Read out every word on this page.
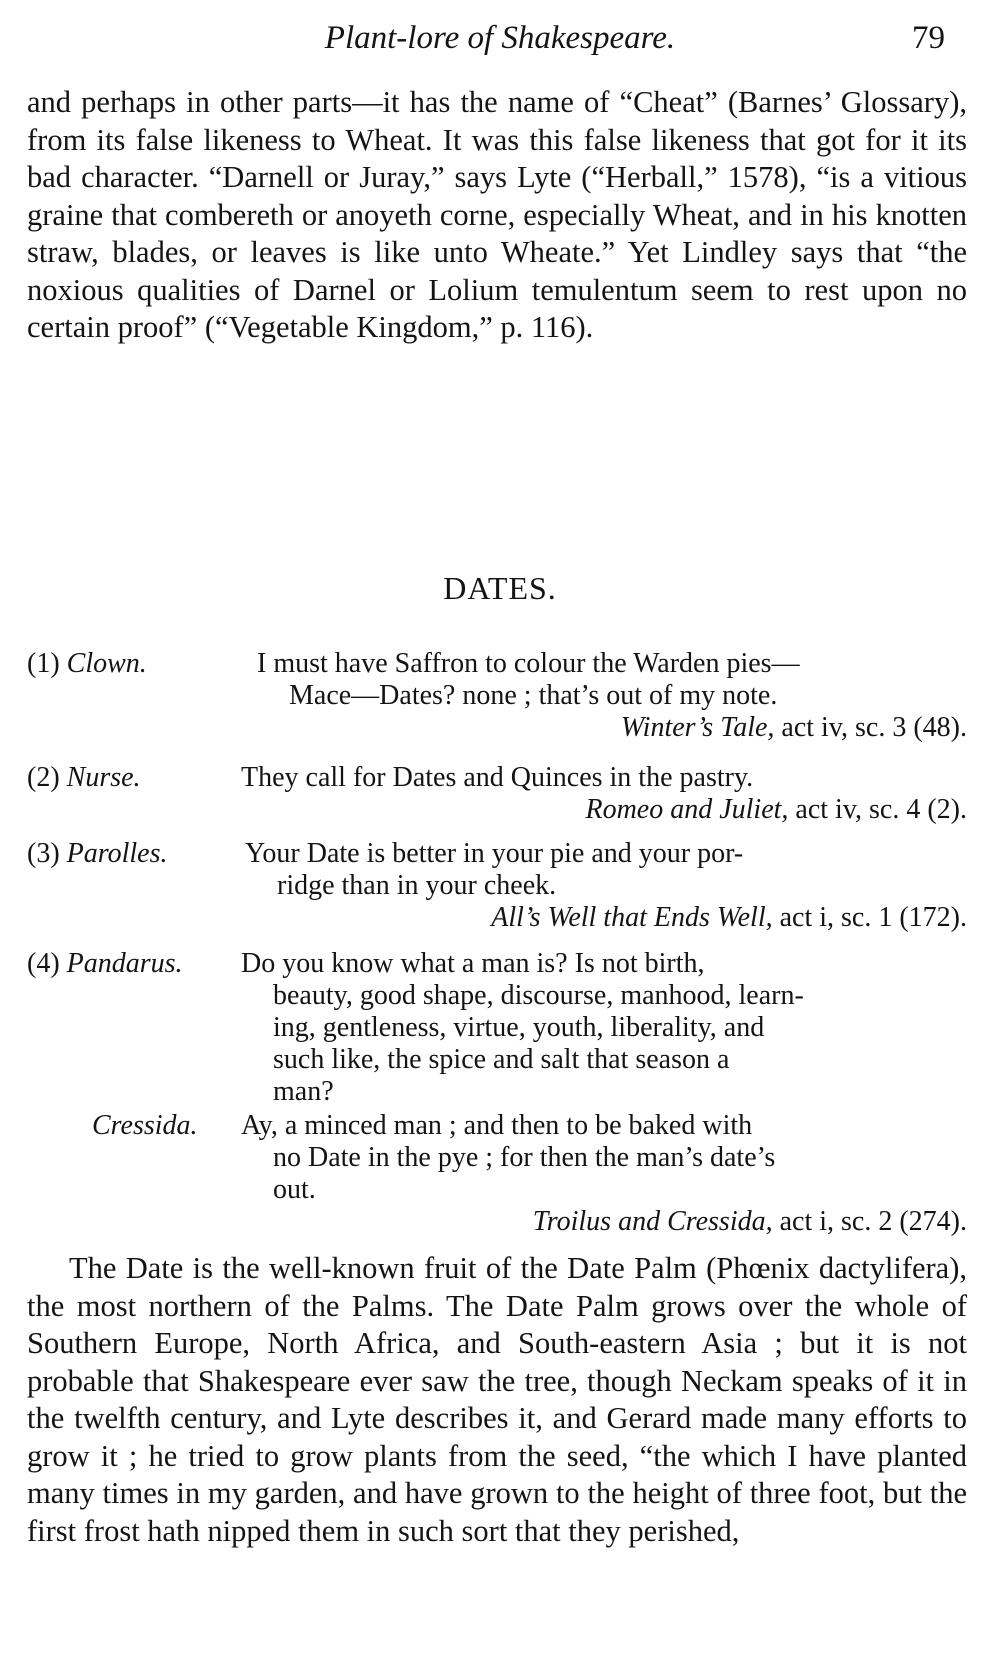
Plant-lore of Shakespeare.	79

and perhaps in other parts—it has the name of “Cheat” (Barnes’ Glossary), from its false likeness to Wheat. It was this false likeness that got for it its bad character. “Darnell or Juray,” says Lyte (“Herball,” 1578), “is a vitious graine that combereth or anoyeth corne, especially Wheat, and in his knotten straw, blades, or leaves is like unto Wheate.” Yet Lindley says that “the noxious qualities of Darnel or Lolium temulentum seem to rest upon no certain proof” (“Vegetable Kingdom,” p. 116).

DATES.
(1) Clown.	I must have Saffron to colour the Warden pies—
Mace—Dates? none ; that’s out of my note.
Winter’s Tale, act iv, sc. 3 (48).
(2) Nurse.	They call for Dates and Quinces in the pastry.
Romeo and Juliet, act iv, sc. 4 (2).
(3) Parolles.	Your Date is better in your pie and your por-
ridge than in your cheek.
All’s Well that Ends Well, act i, sc. 1 (172).
(4) Pandarus. Do you know what a man is? Is not birth,
beauty, good shape, discourse, manhood, learn-
ing, gentleness, virtue, youth, liberality, and
such like, the spice and salt that season a
man?
Cressida. Ay, a minced man ; and then to be baked with
no Date in the pye ; for then the man’s date’s
out.
Troilus and Cressida, act i, sc. 2 (274).

The Date is the well-known fruit of the Date Palm (Phœnix dactylifera), the most northern of the Palms. The Date Palm grows over the whole of Southern Europe, North Africa, and South-eastern Asia ; but it is not probable that Shakespeare ever saw the tree, though Neckam speaks of it in the twelfth century, and Lyte describes it, and Gerard made many efforts to grow it ; he tried to grow plants from the seed, “the which I have planted many times in my garden, and have grown to the height of three foot, but the first frost hath nipped them in such sort that they perished,
